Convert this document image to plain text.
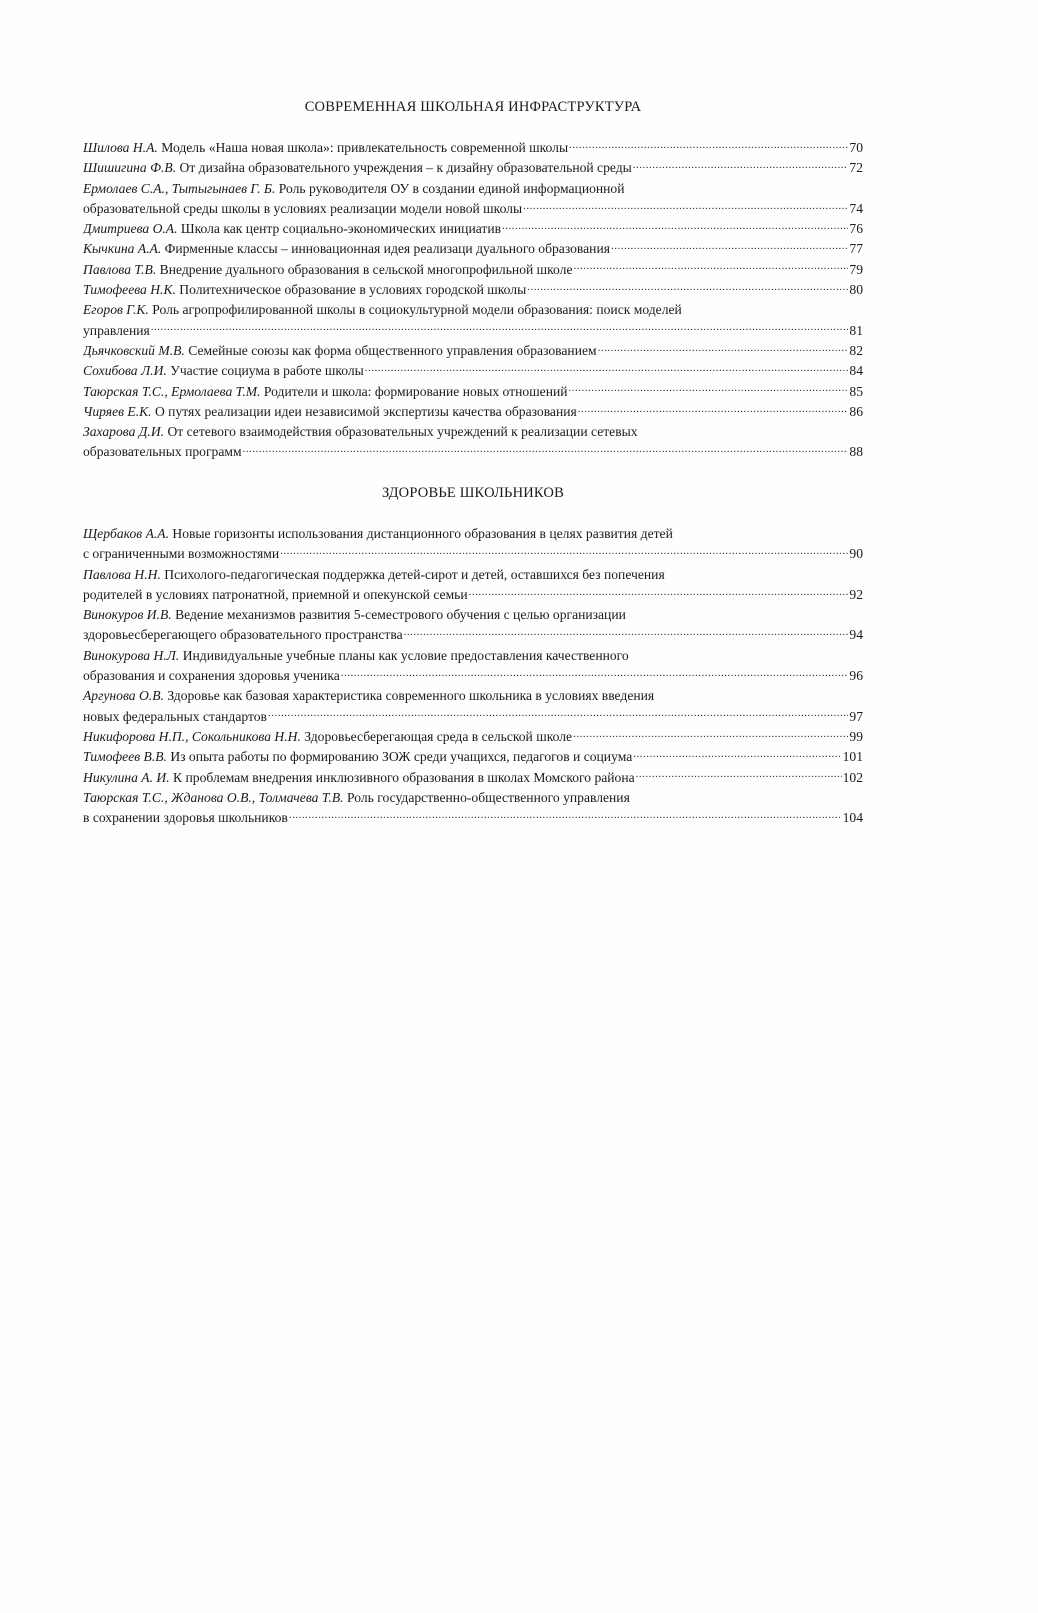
СОВРЕМЕННАЯ ШКОЛЬНАЯ ИНФРАСТРУКТУРА
Шилова Н.А. Модель «Наша новая школа»: привлекательность современной школы .....	70
Шишигина Ф.В. От дизайна образовательного учреждения – к дизайну образовательной среды .....	72
Ермолаев С.А., Тытыгынаев Г. Б. Роль руководителя ОУ в создании единой информационной
образовательной среды школы в условиях реализации модели новой школы .....	74
Дмитриева О.А. Школа как центр социально-экономических инициатив .....	76
Кычкина А.А. Фирменные классы – инновационная идея реализаци дуального образования .....	77
Павлова Т.В. Внедрение дуального образования в сельской многопрофильной школе .....	79
Тимофеева Н.К. Политехническое образование в условиях городской школы .....	80
Егоров Г.К. Роль агропрофилированной школы в социокультурной модели образования: поиск моделей
управления .....	81
Дьячковский М.В. Семейные союзы как форма общественного управления образованием .....	82
Сохибова Л.И. Участие социума в работе школы .....	84
Таюрская Т.С., Ермолаева Т.М. Родители и школа: формирование новых отношений .....	85
Чиряев Е.К. О путях реализации идеи независимой экспертизы качества образования .....	86
Захарова Д.И. От сетевого взаимодействия образовательных учреждений к реализации сетевых
образовательных программ .....	88
ЗДОРОВЬЕ ШКОЛЬНИКОВ
Щербаков А.А. Новые горизонты использования дистанционного образования в целях развития детей
с ограниченными возможностями .....	90
Павлова Н.Н. Психолого-педагогическая поддержка детей-сирот и детей, оставшихся без попечения
родителей в условиях патронатной, приемной и опекунской семьи .....	92
Винокуров И.В. Ведение механизмов развития 5-семестрового обучения с целью организации
здоровьесберегающего образовательного пространства .....	94
Винокурова Н.Л. Индивидуальные учебные планы как условие предоставления качественного
образования и сохранения здоровья ученика .....	96
Аргунова О.В. Здоровье как базовая характеристика современного школьника в условиях введения
новых федеральных стандартов .....	97
Никифорова Н.П., Сокольникова Н.Н. Здоровьесберегающая среда в сельской школе .....	99
Тимофеев В.В. Из опыта работы по формированию ЗОЖ среди учащихся, педагогов и социума .....	101
Никулина А. И. К проблемам внедрения инклюзивного образования в школах Момского района .....	102
Таюрская Т.С., Жданова О.В., Толмачева Т.В. Роль государственно-общественного управления
в сохранении здоровья школьников .....	104
